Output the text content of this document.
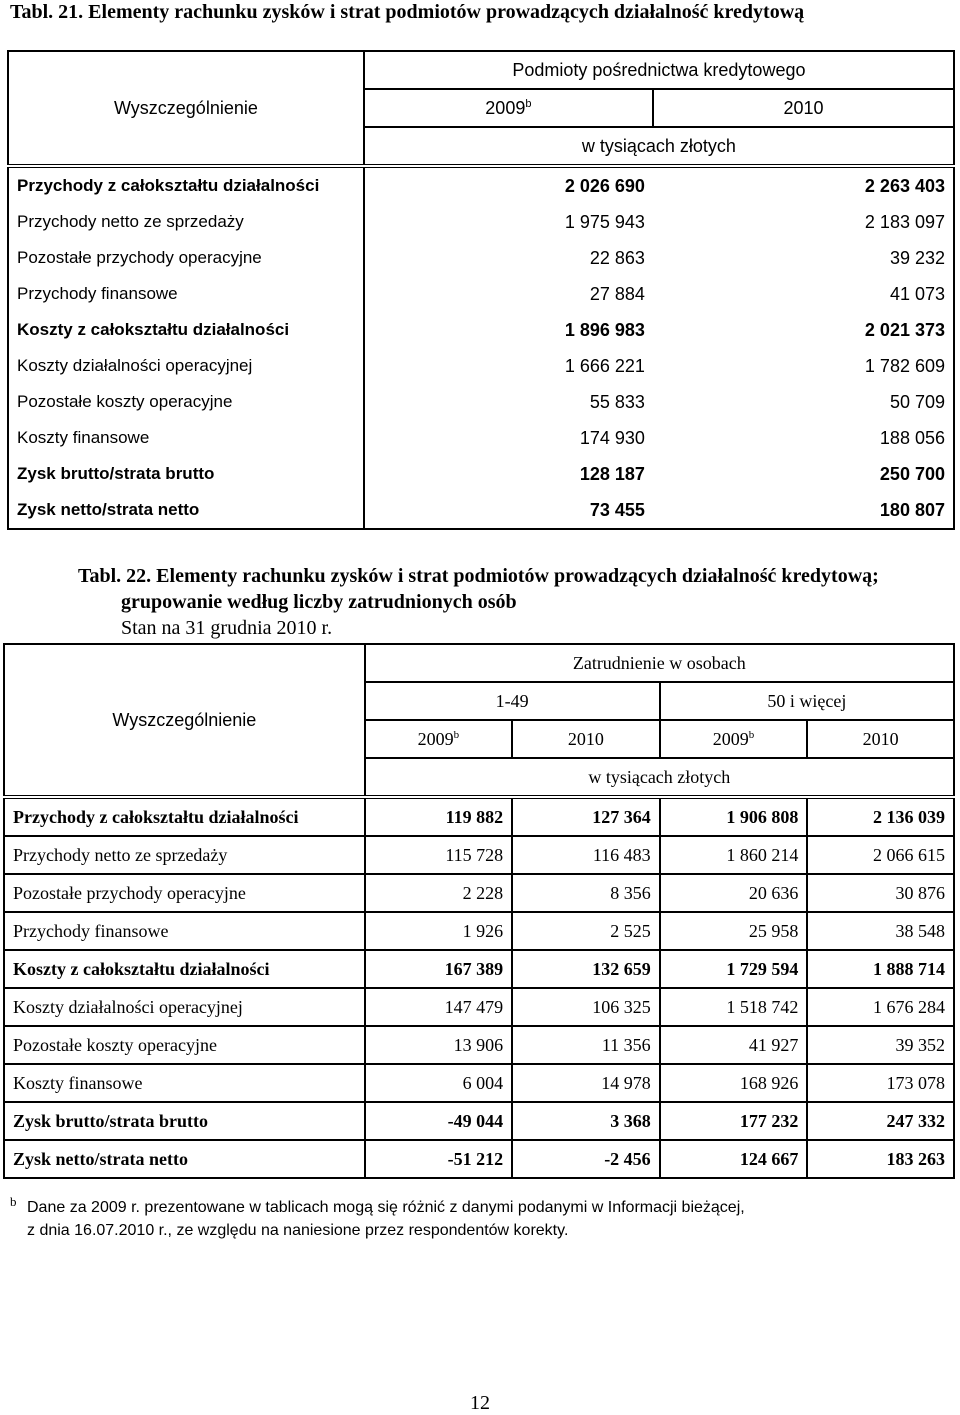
Tabl. 21. Elementy rachunku zysków i strat podmiotów prowadzących działalność kredytową
Wyszczególnienie	Podmioty pośrednictwa kredytowego	
	2009$^b$	2010
	w tysiącach złotych	
Przychody z całokształtu działalności	2 026 690	2 263 403
Przychody netto ze sprzedaży	1 975 943	2 183 097
Pozostałe przychody operacyjne	22 863	39 232
Przychody finansowe	27 884	41 073
Koszty z całokształtu działalności	1 896 983	2 021 373
Koszty działalności operacyjnej	1 666 221	1 782 609
Pozostałe koszty operacyjne	55 833	50 709
Koszty finansowe	174 930	188 056
Zysk brutto/strata brutto	128 187	250 700
Zysk netto/strata netto	73 455	180 807
Tabl. 22. Elementy rachunku zysków i strat podmiotów prowadzących działalność kredytową;
grupowanie według liczby zatrudnionych osób
Stan na 31 grudnia 2010 r.
Wyszczególnienie	Zatrudnienie w osobach			
	1-49		50 i więcej	
	2009$^b$	2010	2009$^b$	2010
	w tysiącach złotych			
Przychody z całokształtu działalności	119 882	127 364	1 906 808	2 136 039
Przychody netto ze sprzedaży	115 728	116 483	1 860 214	2 066 615
Pozostałe przychody operacyjne	2 228	8 356	20 636	30 876
Przychody finansowe	1 926	2 525	25 958	38 548
Koszty z całokształtu działalności	167 389	132 659	1 729 594	1 888 714
Koszty działalności operacyjnej	147 479	106 325	1 518 742	1 676 284
Pozostałe koszty operacyjne	13 906	11 356	41 927	39 352
Koszty finansowe	6 004	14 978	168 926	173 078
Zysk brutto/strata brutto	-49 044	3 368	177 232	247 332
Zysk netto/strata netto	-51 212	-2 456	124 667	183 263
b Dane za 2009 r. prezentowane w tablicach mogą się różnić z danymi podanymi w Informacji bieżącej,
z dnia 16.07.2010 r., ze względu na naniesione przez respondentów korekty.
12
